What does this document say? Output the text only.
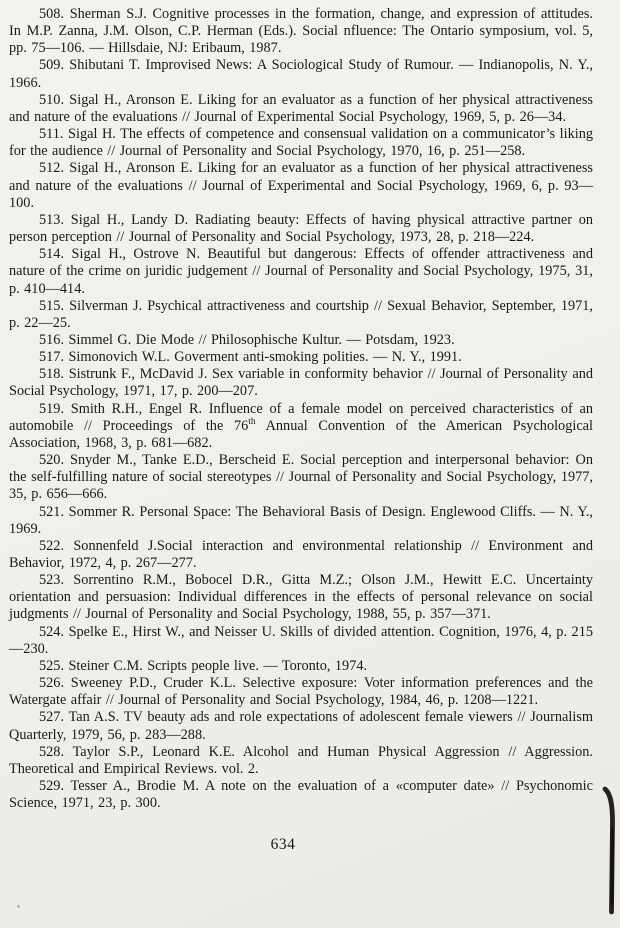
508. Sherman S.J. Cognitive processes in the formation, change, and expression of attitudes. In M.P. Zanna, J.M. Olson, C.P. Herman (Eds.). Social nfluence: The Ontario symposium, vol. 5, pp. 75—106. — Hillsdaie, NJ: Eribaum, 1987.

509. Shibutani T. Improvised News: A Sociological Study of Rumour. — Indianopolis, N. Y., 1966.

510. Sigal H., Aronson E. Liking for an evaluator as a function of her physical attractiveness and nature of the evaluations // Journal of Experimental Social Psychology, 1969, 5, p. 26—34.

511. Sigal H. The effects of competence and consensual validation on a communicator’s liking for the audience // Journal of Personality and Social Psychology, 1970, 16, p. 251—258.

512. Sigal H., Aronson E. Liking for an evaluator as a function of her physical attractiveness and nature of the evaluations // Journal of Experimental and Social Psychology, 1969, 6, p. 93—100.

513. Sigal H., Landy D. Radiating beauty: Effects of having physical attractive partner on person perception // Journal of Personality and Social Psychology, 1973, 28, p. 218—224.

514. Sigal H., Ostrove N. Beautiful but dangerous: Effects of offender attractiveness and nature of the crime on juridic judgement // Journal of Personality and Social Psychology, 1975, 31, p. 410—414.

515. Silverman J. Psychical attractiveness and courtship // Sexual Behavior, September, 1971, p. 22—25.

516. Simmel G. Die Mode // Philosophische Kultur. — Potsdam, 1923.

517. Simonovich W.L. Goverment anti-smoking polities. — N. Y., 1991.

518. Sistrunk F., McDavid J. Sex variable in conformity behavior // Journal of Personality and Social Psychology, 1971, 17, p. 200—207.

519. Smith R.H., Engel R. Influence of a female model on perceived characteristics of an automobile // Proceedings of the 76th Annual Convention of the American Psychological Association, 1968, 3, p. 681—682.

520. Snyder M., Tanke E.D., Berscheid E. Social perception and interpersonal behavior: On the self-fulfilling nature of social stereotypes // Journal of Personality and Social Psychology, 1977, 35, p. 656—666.

521. Sommer R. Personal Space: The Behavioral Basis of Design. Englewood Cliffs. — N. Y., 1969.

522. Sonnenfeld J.Social interaction and environmental relationship // Environment and Behavior, 1972, 4, p. 267—277.

523. Sorrentino R.M., Bobocel D.R., Gitta M.Z.; Olson J.M., Hewitt E.C. Uncertainty orientation and persuasion: Individual differences in the effects of personal relevance on social judgments // Journal of Personality and Social Psychology, 1988, 55, p. 357—371.

524. Spelke E., Hirst W., and Neisser U. Skills of divided attention. Cognition, 1976, 4, p. 215—230.

525. Steiner C.M. Scripts people live. — Toronto, 1974.

526. Sweeney P.D., Cruder K.L. Selective exposure: Voter information preferences and the Watergate affair // Journal of Personality and Social Psychology, 1984, 46, p. 1208—1221.

527. Tan A.S. TV beauty ads and role expectations of adolescent female viewers // Journalism Quarterly, 1979, 56, p. 283—288.

528. Taylor S.P., Leonard K.E. Alcohol and Human Physical Aggression // Aggression. Theoretical and Empirical Reviews. vol. 2.

529. Tesser A., Brodie M. A note on the evaluation of a «computer date» // Psychonomic Science, 1971, 23, p. 300.

634
